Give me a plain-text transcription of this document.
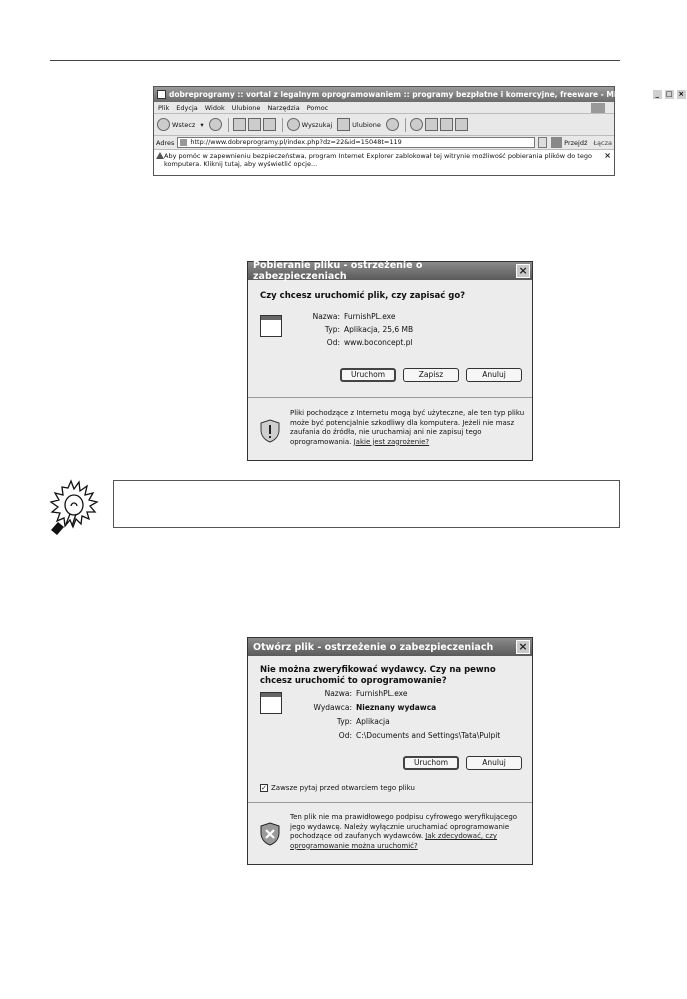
dobreprogramy :: vortal z legalnym oprogramowaniem :: programy bezpłatne i komercyjne, freeware - Microsof... _ □ ×
Plik Edycja Widok Ulubione Narzędzia Pomoc
Wstecz ▾	Wyszukaj	Ulubione
Adres	http://www.dobreprogramy.pl/index.php?dz=22&id=15048t=119	Przejdź Łącza
Aby pomóc w zapewnieniu bezpieczeństwa, program Internet Explorer zablokował tej witrynie możliwość pobierania plików do tego komputera. Kliknij tutaj, aby wyświetlić opcje...
×
Pobieranie pliku - ostrzeżenie o zabezpieczeniach	×
Czy chcesz uruchomić plik, czy zapisać go?
Nazwa: FurnishPL.exe
Typ: Aplikacja, 25,6 MB
Od: www.boconcept.pl
Uruchom	Zapisz	Anuluj
Pliki pochodzące z Internetu mogą być użyteczne, ale ten typ pliku może być potencjalnie szkodliwy dla komputera. Jeżeli nie masz zaufania do źródła, nie uruchamiaj ani nie zapisuj tego oprogramowania. Jakie jest zagrożenie?
Otwórz plik - ostrzeżenie o zabezpieczeniach ×
Nie można zweryfikować wydawcy. Czy na pewno chcesz uruchomić to oprogramowanie?
Nazwa: FurnishPL.exe
Wydawca: Nieznany wydawca
Typ: Aplikacja
Od: C:\Documents and Settings\Tata\Pulpit
Uruchom	Anuluj
✓ Zawsze pytaj przed otwarciem tego pliku
Ten plik nie ma prawidłowego podpisu cyfrowego weryfikującego jego wydawcę. Należy wyłącznie uruchamiać oprogramowanie pochodzące od zaufanych wydawców. Jak zdecydować, czy oprogramowanie można uruchomić?
